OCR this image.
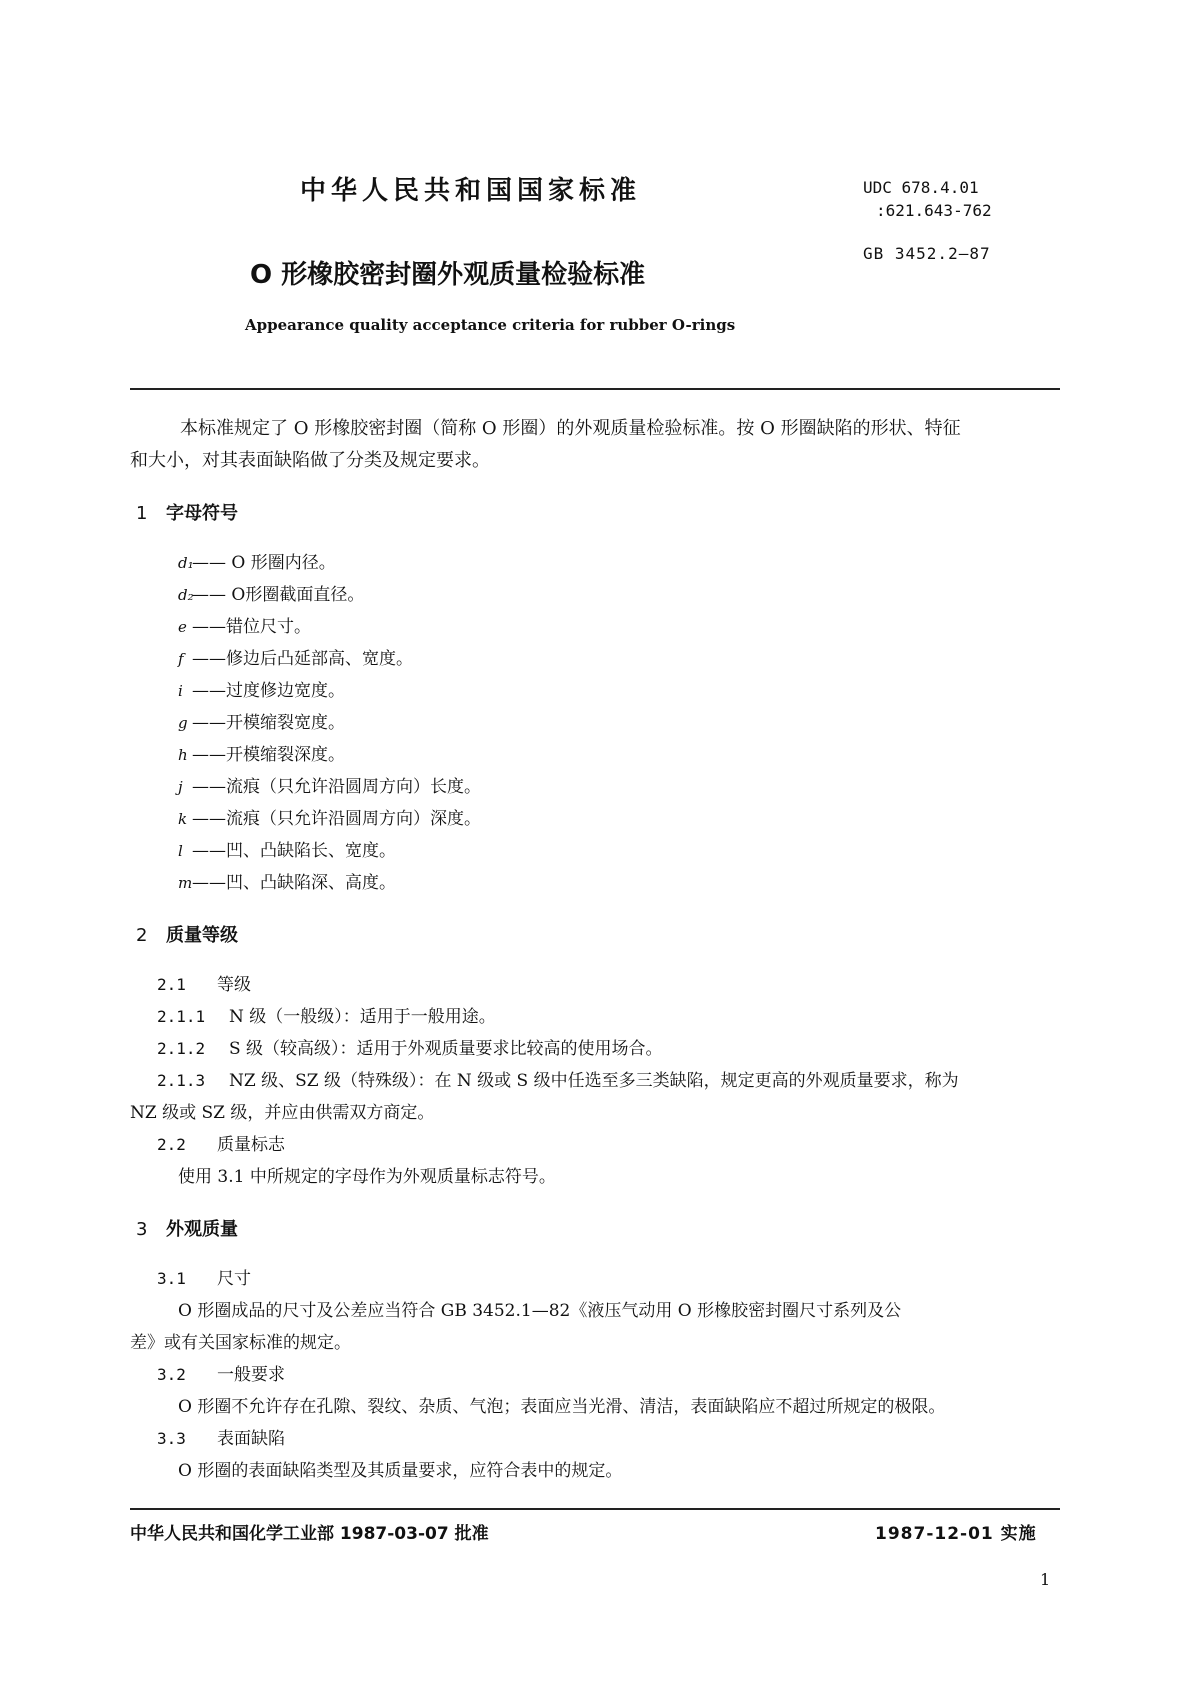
中华人民共和国国家标准	UDC 678.4.01
:621.643-762
GB 3452.2—87
O 形橡胶密封圈外观质量检验标准
Appearance quality acceptance criteria for rubber O-rings
本标准规定了 O 形橡胶密封圈（简称 O 形圈）的外观质量检验标准。按 O 形圈缺陷的形状、特征
和大小，对其表面缺陷做了分类及规定要求。
1 字母符号
d₁—— O 形圈内径。
d₂—— O形圈截面直径。
e ——错位尺寸。
f ——修边后凸延部高、宽度。
i ——过度修边宽度。
g ——开模缩裂宽度。
h ——开模缩裂深度。
j ——流痕（只允许沿圆周方向）长度。
k ——流痕（只允许沿圆周方向）深度。
l ——凹、凸缺陷长、宽度。
m——凹、凸缺陷深、高度。
2 质量等级
2.1 等级
2.1.1 N 级（一般级）：适用于一般用途。
2.1.2 S 级（较高级）：适用于外观质量要求比较高的使用场合。
2.1.3 NZ 级、SZ 级（特殊级）：在 N 级或 S 级中任选至多三类缺陷，规定更高的外观质量要求，称为
NZ 级或 SZ 级，并应由供需双方商定。
2.2 质量标志
使用 3.1 中所规定的字母作为外观质量标志符号。
3 外观质量
3.1 尺寸
O 形圈成品的尺寸及公差应当符合 GB 3452.1—82《液压气动用 O 形橡胶密封圈尺寸系列及公
差》或有关国家标准的规定。
3.2 一般要求
O 形圈不允许存在孔隙、裂纹、杂质、气泡；表面应当光滑、清洁，表面缺陷应不超过所规定的极限。
3.3 表面缺陷
O 形圈的表面缺陷类型及其质量要求，应符合表中的规定。
中华人民共和国化学工业部 1987-03-07 批准	1987-12-01 实施
1
